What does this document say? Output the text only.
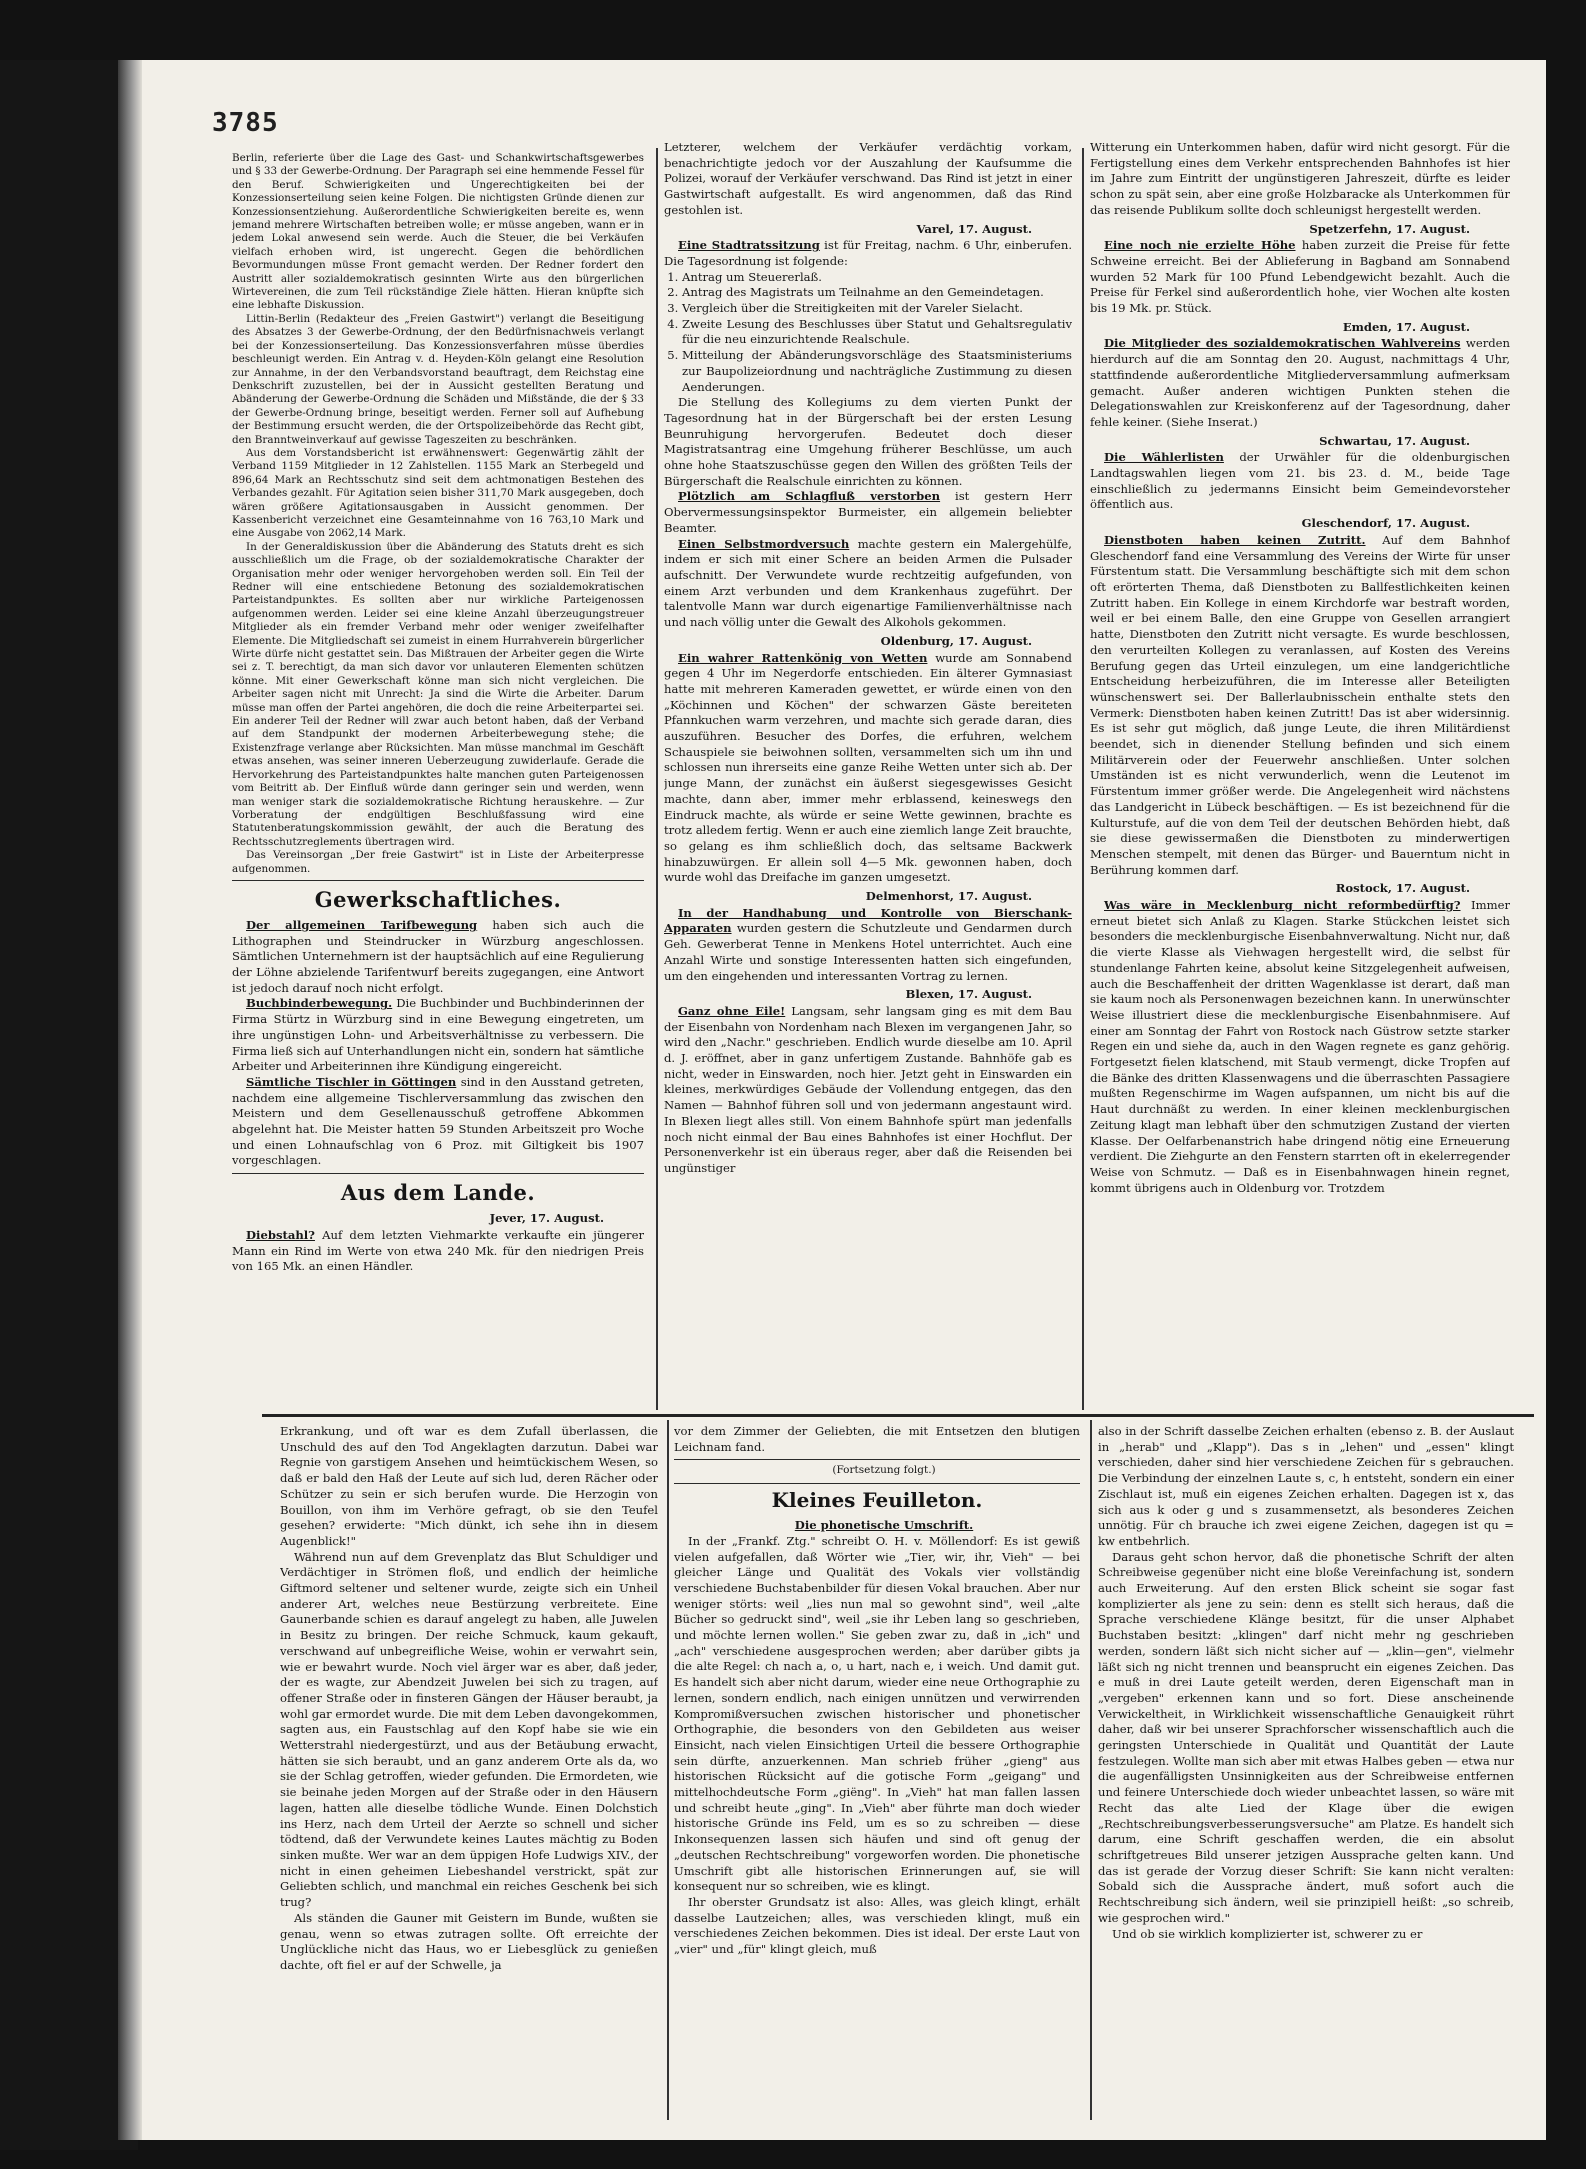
3785

Berlin, referierte über die Lage des Gast- und Schankwirtschaftsgewerbes und § 33 der Gewerbe-Ordnung. Der Paragraph sei eine hemmende Fessel für den Beruf. Schwierigkeiten und Ungerechtigkeiten bei der Konzessionserteilung seien keine Folgen. Die nichtigsten Gründe dienen zur Konzessionsentziehung. Außerordentliche Schwierigkeiten bereite es, wenn jemand mehrere Wirtschaften betreiben wolle; er müsse angeben, wann er in jedem Lokal anwesend sein werde. Auch die Steuer, die bei Verkäufen vielfach erhoben wird, ist ungerecht. Gegen die behördlichen Bevormundungen müsse Front gemacht werden. Der Redner fordert den Austritt aller sozialdemokratisch gesinnten Wirte aus den bürgerlichen Wirtevereinen, die zum Teil rückständige Ziele hätten. Hieran knüpfte sich eine lebhafte Diskussion.

Littin-Berlin (Redakteur des „Freien Gastwirt") verlangt die Beseitigung des Absatzes 3 der Gewerbe-Ordnung, der den Bedürfnisnachweis verlangt bei der Konzessionserteilung. Das Konzessionsverfahren müsse überdies beschleunigt werden. Ein Antrag v. d. Heyden-Köln gelangt eine Resolution zur Annahme, in der den Verbandsvorstand beauftragt, dem Reichstag eine Denkschrift zuzustellen, bei der in Aussicht gestellten Beratung und Abänderung der Gewerbe-Ordnung die Schäden und Mißstände, die der § 33 der Gewerbe-Ordnung bringe, beseitigt werden. Ferner soll auf Aufhebung der Bestimmung ersucht werden, die der Ortspolizeibehörde das Recht gibt, den Branntweinverkauf auf gewisse Tageszeiten zu beschränken.

Aus dem Vorstandsbericht ist erwähnenswert: Gegenwärtig zählt der Verband 1159 Mitglieder in 12 Zahlstellen. 1155 Mark an Sterbegeld und 896,64 Mark an Rechtsschutz sind seit dem achtmonatigen Bestehen des Verbandes gezahlt. Für Agitation seien bisher 311,70 Mark ausgegeben, doch wären größere Agitationsausgaben in Aussicht genommen. Der Kassenbericht verzeichnet eine Gesamteinnahme von 16 763,10 Mark und eine Ausgabe von 2062,14 Mark.

In der Generaldiskussion über die Abänderung des Statuts dreht es sich ausschließlich um die Frage, ob der sozialdemokratische Charakter der Organisation mehr oder weniger hervorgehoben werden soll. Ein Teil der Redner will eine entschiedene Betonung des sozialdemokratischen Parteistandpunktes. Es sollten aber nur wirkliche Parteigenossen aufgenommen werden. Leider sei eine kleine Anzahl überzeugungstreuer Mitglieder als ein fremder Verband mehr oder weniger zweifelhafter Elemente. Die Mitgliedschaft sei zumeist in einem Hurrahverein bürgerlicher Wirte dürfe nicht gestattet sein. Das Mißtrauen der Arbeiter gegen die Wirte sei z. T. berechtigt, da man sich davor vor unlauteren Elementen schützen könne. Mit einer Gewerkschaft könne man sich nicht vergleichen. Die Arbeiter sagen nicht mit Unrecht: Ja sind die Wirte die Arbeiter. Darum müsse man offen der Partei angehören, die doch die reine Arbeiterpartei sei. Ein anderer Teil der Redner will zwar auch betont haben, daß der Verband auf dem Standpunkt der modernen Arbeiterbewegung stehe; die Existenzfrage verlange aber Rücksichten. Man müsse manchmal im Geschäft etwas ansehen, was seiner inneren Ueberzeugung zuwiderlaufe. Gerade die Hervorkehrung des Parteistandpunktes halte manchen guten Parteigenossen vom Beitritt ab. Der Einfluß würde dann geringer sein und werden, wenn man weniger stark die sozialdemokratische Richtung herauskehre. — Zur Vorberatung der endgültigen Beschlußfassung wird eine Statutenberatungskommission gewählt, der auch die Beratung des Rechtsschutzreglements übertragen wird.

Das Vereinsorgan „Der freie Gastwirt" ist in Liste der Arbeiterpresse aufgenommen.

Gewerkschaftliches.

Der allgemeinen Tarifbewegung haben sich auch die Lithographen und Steindrucker in Würzburg angeschlossen. Sämtlichen Unternehmern ist der hauptsächlich auf eine Regulierung der Löhne abzielende Tarifentwurf bereits zugegangen, eine Antwort ist jedoch darauf noch nicht erfolgt.

Buchbinderbewegung. Die Buchbinder und Buchbinderinnen der Firma Stürtz in Würzburg sind in eine Bewegung eingetreten, um ihre ungünstigen Lohn- und Arbeitsverhältnisse zu verbessern. Die Firma ließ sich auf Unterhandlungen nicht ein, sondern hat sämtliche Arbeiter und Arbeiterinnen ihre Kündigung eingereicht.

Sämtliche Tischler in Göttingen sind in den Ausstand getreten, nachdem eine allgemeine Tischlerversammlung das zwischen den Meistern und dem Gesellenausschuß getroffene Abkommen abgelehnt hat. Die Meister hatten 59 Stunden Arbeitszeit pro Woche und einen Lohnaufschlag von 6 Proz. mit Giltigkeit bis 1907 vorgeschlagen.

Aus dem Lande.

Jever, 17. August.

Diebstahl? Auf dem letzten Viehmarkte verkaufte ein jüngerer Mann ein Rind im Werte von etwa 240 Mk. für den niedrigen Preis von 165 Mk. an einen Händler.

Letzterer, welchem der Verkäufer verdächtig vorkam, benachrichtigte jedoch vor der Auszahlung der Kaufsumme die Polizei, worauf der Verkäufer verschwand. Das Rind ist jetzt in einer Gastwirtschaft aufgestallt. Es wird angenommen, daß das Rind gestohlen ist.

Varel, 17. August.

Eine Stadtratssitzung ist für Freitag, nachm. 6 Uhr, einberufen. Die Tagesordnung ist folgende:

1. Antrag um Steuererlaß.
2. Antrag des Magistrats um Teilnahme an den Gemeindetagen.
3. Vergleich über die Streitigkeiten mit der Vareler Sielacht.
4. Zweite Lesung des Beschlusses über Statut und Gehaltsregulativ für die neu einzurichtende Realschule.
5. Mitteilung der Abänderungsvorschläge des Staatsministeriums zur Baupolizeiordnung und nachträgliche Zustimmung zu diesen Aenderungen.

Die Stellung des Kollegiums zu dem vierten Punkt der Tagesordnung hat in der Bürgerschaft bei der ersten Lesung Beunruhigung hervorgerufen. Bedeutet doch dieser Magistratsantrag eine Umgehung früherer Beschlüsse, um auch ohne hohe Staatszuschüsse gegen den Willen des größten Teils der Bürgerschaft die Realschule einrichten zu können.

Plötzlich am Schlagfluß verstorben ist gestern Herr Obervermessungsinspektor Burmeister, ein allgemein beliebter Beamter.

Einen Selbstmordversuch machte gestern ein Malergehülfe, indem er sich mit einer Schere an beiden Armen die Pulsader aufschnitt. Der Verwundete wurde rechtzeitig aufgefunden, von einem Arzt verbunden und dem Krankenhaus zugeführt. Der talentvolle Mann war durch eigenartige Familienverhältnisse nach und nach völlig unter die Gewalt des Alkohols gekommen.

Oldenburg, 17. August.

Ein wahrer Rattenkönig von Wetten wurde am Sonnabend gegen 4 Uhr im Negerdorfe entschieden. Ein älterer Gymnasiast hatte mit mehreren Kameraden gewettet, er würde einen von den „Köchinnen und Köchen" der schwarzen Gäste bereiteten Pfannkuchen warm verzehren, und machte sich gerade daran, dies auszuführen. Besucher des Dorfes, die erfuhren, welchem Schauspiele sie beiwohnen sollten, versammelten sich um ihn und schlossen nun ihrerseits eine ganze Reihe Wetten unter sich ab. Der junge Mann, der zunächst ein äußerst siegesgewisses Gesicht machte, dann aber, immer mehr erblassend, keineswegs den Eindruck machte, als würde er seine Wette gewinnen, brachte es trotz alledem fertig. Wenn er auch eine ziemlich lange Zeit brauchte, so gelang es ihm schließlich doch, das seltsame Backwerk hinabzuwürgen. Er allein soll 4—5 Mk. gewonnen haben, doch wurde wohl das Dreifache im ganzen umgesetzt.

Delmenhorst, 17. August.

In der Handhabung und Kontrolle von Bierschank-Apparaten wurden gestern die Schutzleute und Gendarmen durch Geh. Gewerberat Tenne in Menkens Hotel unterrichtet. Auch eine Anzahl Wirte und sonstige Interessenten hatten sich eingefunden, um den eingehenden und interessanten Vortrag zu lernen.

Blexen, 17. August.

Ganz ohne Eile! Langsam, sehr langsam ging es mit dem Bau der Eisenbahn von Nordenham nach Blexen im vergangenen Jahr, so wird den „Nachr." geschrieben. Endlich wurde dieselbe am 10. April d. J. eröffnet, aber in ganz unfertigem Zustande. Bahnhöfe gab es nicht, weder in Einswarden, noch hier. Jetzt geht in Einswarden ein kleines, merkwürdiges Gebäude der Vollendung entgegen, das den Namen — Bahnhof führen soll und von jedermann angestaunt wird. In Blexen liegt alles still. Von einem Bahnhofe spürt man jedenfalls noch nicht einmal der Bau eines Bahnhofes ist einer Hochflut. Der Personenverkehr ist ein überaus reger, aber daß die Reisenden bei ungünstiger

Witterung ein Unterkommen haben, dafür wird nicht gesorgt. Für die Fertigstellung eines dem Verkehr entsprechenden Bahnhofes ist hier im Jahre zum Eintritt der ungünstigeren Jahreszeit, dürfte es leider schon zu spät sein, aber eine große Holzbaracke als Unterkommen für das reisende Publikum sollte doch schleunigst hergestellt werden.

Spetzerfehn, 17. August.

Eine noch nie erzielte Höhe haben zurzeit die Preise für fette Schweine erreicht. Bei der Ablieferung in Bagband am Sonnabend wurden 52 Mark für 100 Pfund Lebendgewicht bezahlt. Auch die Preise für Ferkel sind außerordentlich hohe, vier Wochen alte kosten bis 19 Mk. pr. Stück.

Emden, 17. August.

Die Mitglieder des sozialdemokratischen Wahlvereins werden hierdurch auf die am Sonntag den 20. August, nachmittags 4 Uhr, stattfindende außerordentliche Mitgliederversammlung aufmerksam gemacht. Außer anderen wichtigen Punkten stehen die Delegationswahlen zur Kreiskonferenz auf der Tagesordnung, daher fehle keiner. (Siehe Inserat.)

Schwartau, 17. August.

Die Wählerlisten der Urwähler für die oldenburgischen Landtagswahlen liegen vom 21. bis 23. d. M., beide Tage einschließlich zu jedermanns Einsicht beim Gemeindevorsteher öffentlich aus.

Gleschendorf, 17. August.

Dienstboten haben keinen Zutritt. Auf dem Bahnhof Gleschendorf fand eine Versammlung des Vereins der Wirte für unser Fürstentum statt. Die Versammlung beschäftigte sich mit dem schon oft erörterten Thema, daß Dienstboten zu Ballfestlichkeiten keinen Zutritt haben. Ein Kollege in einem Kirchdorfe war bestraft worden, weil er bei einem Balle, den eine Gruppe von Gesellen arrangiert hatte, Dienstboten den Zutritt nicht versagte. Es wurde beschlossen, den verurteilten Kollegen zu veranlassen, auf Kosten des Vereins Berufung gegen das Urteil einzulegen, um eine landgerichtliche Entscheidung herbeizuführen, die im Interesse aller Beteiligten wünschenswert sei. Der Ballerlaubnisschein enthalte stets den Vermerk: Dienstboten haben keinen Zutritt! Das ist aber widersinnig. Es ist sehr gut möglich, daß junge Leute, die ihren Militärdienst beendet, sich in dienender Stellung befinden und sich einem Militärverein oder der Feuerwehr anschließen. Unter solchen Umständen ist es nicht verwunderlich, wenn die Leutenot im Fürstentum immer größer werde. Die Angelegenheit wird nächstens das Landgericht in Lübeck beschäftigen. — Es ist bezeichnend für die Kulturstufe, auf die von dem Teil der deutschen Behörden hiebt, daß sie diese gewissermaßen die Dienstboten zu minderwertigen Menschen stempelt, mit denen das Bürger- und Bauerntum nicht in Berührung kommen darf.

Rostock, 17. August.

Was wäre in Mecklenburg nicht reformbedürftig? Immer erneut bietet sich Anlaß zu Klagen. Starke Stückchen leistet sich besonders die mecklenburgische Eisenbahnverwaltung. Nicht nur, daß die vierte Klasse als Viehwagen hergestellt wird, die selbst für stundenlange Fahrten keine, absolut keine Sitzgelegenheit aufweisen, auch die Beschaffenheit der dritten Wagenklasse ist derart, daß man sie kaum noch als Personenwagen bezeichnen kann. In unerwünschter Weise illustriert diese die mecklenburgische Eisenbahnmisere. Auf einer am Sonntag der Fahrt von Rostock nach Güstrow setzte starker Regen ein und siehe da, auch in den Wagen regnete es ganz gehörig. Fortgesetzt fielen klatschend, mit Staub vermengt, dicke Tropfen auf die Bänke des dritten Klassenwagens und die überraschten Passagiere mußten Regenschirme im Wagen aufspannen, um nicht bis auf die Haut durchnäßt zu werden. In einer kleinen mecklenburgischen Zeitung klagt man lebhaft über den schmutzigen Zustand der vierten Klasse. Der Oelfarbenanstrich habe dringend nötig eine Erneuerung verdient. Die Ziehgurte an den Fenstern starrten oft in ekelerregender Weise von Schmutz. — Daß es in Eisenbahnwagen hinein regnet, kommt übrigens auch in Oldenburg vor. Trotzdem

Erkrankung, und oft war es dem Zufall überlassen, die Unschuld des auf den Tod Angeklagten darzutun. Dabei war Regnie von garstigem Ansehen und heimtückischem Wesen, so daß er bald den Haß der Leute auf sich lud, deren Rächer oder Schützer zu sein er sich berufen wurde. Die Herzogin von Bouillon, von ihm im Verhöre gefragt, ob sie den Teufel gesehen? erwiderte: "Mich dünkt, ich sehe ihn in diesem Augenblick!"

Während nun auf dem Grevenplatz das Blut Schuldiger und Verdächtiger in Strömen floß, und endlich der heimliche Giftmord seltener und seltener wurde, zeigte sich ein Unheil anderer Art, welches neue Bestürzung verbreitete. Eine Gaunerbande schien es darauf angelegt zu haben, alle Juwelen in Besitz zu bringen. Der reiche Schmuck, kaum gekauft, verschwand auf unbegreifliche Weise, wohin er verwahrt sein, wie er bewahrt wurde. Noch viel ärger war es aber, daß jeder, der es wagte, zur Abendzeit Juwelen bei sich zu tragen, auf offener Straße oder in finsteren Gängen der Häuser beraubt, ja wohl gar ermordet wurde. Die mit dem Leben davongekommen, sagten aus, ein Faustschlag auf den Kopf habe sie wie ein Wetterstrahl niedergestürzt, und aus der Betäubung erwacht, hätten sie sich beraubt, und an ganz anderem Orte als da, wo sie der Schlag getroffen, wieder gefunden. Die Ermordeten, wie sie beinahe jeden Morgen auf der Straße oder in den Häusern lagen, hatten alle dieselbe tödliche Wunde. Einen Dolchstich ins Herz, nach dem Urteil der Aerzte so schnell und sicher tödtend, daß der Verwundete keines Lautes mächtig zu Boden sinken mußte. Wer war an dem üppigen Hofe Ludwigs XIV., der nicht in einen geheimen Liebeshandel verstrickt, spät zur Geliebten schlich, und manchmal ein reiches Geschenk bei sich trug?

Als ständen die Gauner mit Geistern im Bunde, wußten sie genau, wenn so etwas zutragen sollte. Oft erreichte der Unglückliche nicht das Haus, wo er Liebesglück zu genießen dachte, oft fiel er auf der Schwelle, ja

vor dem Zimmer der Geliebten, die mit Entsetzen den blutigen Leichnam fand.

(Fortsetzung folgt.)

Kleines Feuilleton.

Die phonetische Umschrift.

In der „Frankf. Ztg." schreibt O. H. v. Möllendorf: Es ist gewiß vielen aufgefallen, daß Wörter wie „Tier, wir, ihr, Vieh" — bei gleicher Länge und Qualität des Vokals vier vollständig verschiedene Buchstabenbilder für diesen Vokal brauchen. Aber nur weniger störts: weil „lies nun mal so gewohnt sind", weil „alte Bücher so gedruckt sind", weil „sie ihr Leben lang so geschrieben, und möchte lernen wollen." Sie geben zwar zu, daß in „ich" und „ach" verschiedene ausgesprochen werden; aber darüber gibts ja die alte Regel: ch nach a, o, u hart, nach e, i weich. Und damit gut. Es handelt sich aber nicht darum, wieder eine neue Orthographie zu lernen, sondern endlich, nach einigen unnützen und verwirrenden Kompromißversuchen zwischen historischer und phonetischer Orthographie, die besonders von den Gebildeten aus weiser Einsicht, nach vielen Einsichtigen Urteil die bessere Orthographie sein dürfte, anzuerkennen. Man schrieb früher „gieng" aus historischen Rücksicht auf die gotische Form „geigang" und mittelhochdeutsche Form „giëng". In „Vieh" hat man fallen lassen und schreibt heute „ging". In „Vieh" aber führte man doch wieder historische Gründe ins Feld, um es so zu schreiben — diese Inkonsequenzen lassen sich häufen und sind oft genug der „deutschen Rechtschreibung" vorgeworfen worden. Die phonetische Umschrift gibt alle historischen Erinnerungen auf, sie will konsequent nur so schreiben, wie es klingt.

Ihr oberster Grundsatz ist also: Alles, was gleich klingt, erhält dasselbe Lautzeichen; alles, was verschieden klingt, muß ein verschiedenes Zeichen bekommen. Dies ist ideal. Der erste Laut von „vier" und „für" klingt gleich, muß

also in der Schrift dasselbe Zeichen erhalten (ebenso z. B. der Auslaut in „herab" und „Klapp"). Das s in „lehen" und „essen" klingt verschieden, daher sind hier verschiedene Zeichen für s gebrauchen. Die Verbindung der einzelnen Laute s, c, h entsteht, sondern ein einer Zischlaut ist, muß ein eigenes Zeichen erhalten. Dagegen ist x, das sich aus k oder g und s zusammensetzt, als besonderes Zeichen unnötig. Für ch brauche ich zwei eigene Zeichen, dagegen ist qu = kw entbehrlich.

Daraus geht schon hervor, daß die phonetische Schrift der alten Schreibweise gegenüber nicht eine bloße Vereinfachung ist, sondern auch Erweiterung. Auf den ersten Blick scheint sie sogar fast komplizierter als jene zu sein: denn es stellt sich heraus, daß die Sprache verschiedene Klänge besitzt, für die unser Alphabet Buchstaben besitzt: „klingen" darf nicht mehr ng geschrieben werden, sondern läßt sich nicht sicher auf — „klin—gen", vielmehr läßt sich ng nicht trennen und beansprucht ein eigenes Zeichen. Das e muß in drei Laute geteilt werden, deren Eigenschaft man in „vergeben" erkennen kann und so fort. Diese anscheinende Verwickeltheit, in Wirklichkeit wissenschaftliche Genauigkeit rührt daher, daß wir bei unserer Sprachforscher wissenschaftlich auch die geringsten Unterschiede in Qualität und Quantität der Laute festzulegen. Wollte man sich aber mit etwas Halbes geben — etwa nur die augenfälligsten Unsinnigkeiten aus der Schreibweise entfernen und feinere Unterschiede doch wieder unbeachtet lassen, so wäre mit Recht das alte Lied der Klage über die ewigen „Rechtschreibungsverbesserungsversuche" am Platze. Es handelt sich darum, eine Schrift geschaffen werden, die ein absolut schriftgetreues Bild unserer jetzigen Aussprache gelten kann. Und das ist gerade der Vorzug dieser Schrift: Sie kann nicht veralten: Sobald sich die Aussprache ändert, muß sofort auch die Rechtschreibung sich ändern, weil sie prinzipiell heißt: „so schreib, wie gesprochen wird."

Und ob sie wirklich komplizierter ist, schwerer zu er
